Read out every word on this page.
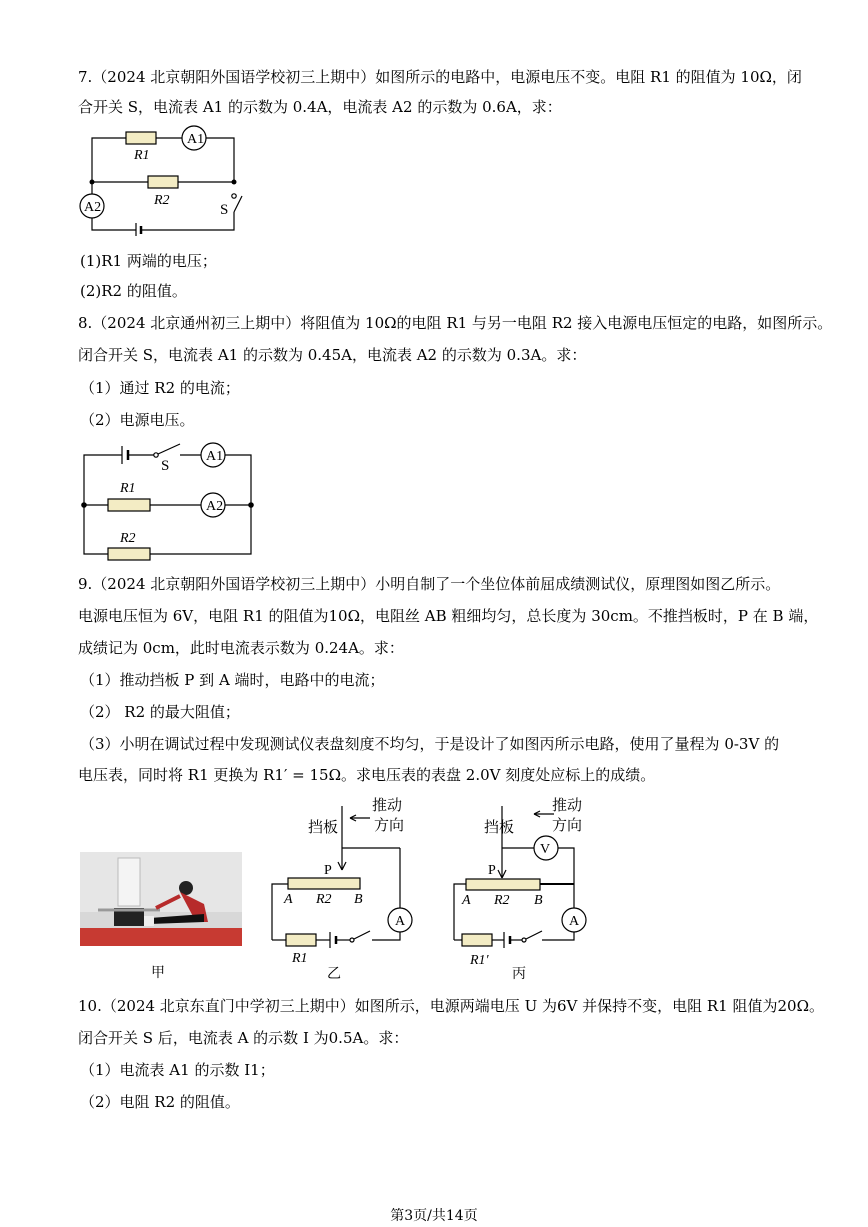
7.（2024 北京朝阳外国语学校初三上期中）如图所示的电路中，电源电压不变。电阻 R1 的阻值为 10Ω，闭
合开关 S，电流表 A1 的示数为 0.4A，电流表 A2 的示数为 0.6A，求：
A1
A2
R1
R2
S
(1)R1 两端的电压；
(2)R2 的阻值。
8.（2024 北京通州初三上期中）将阻值为 10Ω的电阻 R1 与另一电阻 R2 接入电源电压恒定的电路，如图所示。
闭合开关 S，电流表 A1 的示数为 0.45A，电流表 A2 的示数为 0.3A。求：
（1）通过 R2 的电流；
（2）电源电压。
S
A1
A2
R1
R2
9.（2024 北京朝阳外国语学校初三上期中）小明自制了一个坐位体前屈成绩测试仪，原理图如图乙所示。
电源电压恒为 6V，电阻 R1 的阻值为10Ω，电阻丝 AB 粗细均匀，总长度为 30cm。不推挡板时，P 在 B 端，
成绩记为 0cm，此时电流表示数为 0.24A。求：
（1）推动挡板 P 到 A 端时，电路中的电流；
（2） R2 的最大阻值；
（3）小明在调试过程中发现测试仪表盘刻度不均匀，于是设计了如图丙所示电路，使用了量程为 0-3V 的
电压表，同时将 R1 更换为 R1′ = 15Ω。求电压表的表盘 2.0V 刻度处应标上的成绩。
甲
推动
方向
挡板
P
A R2 B
A
R1
乙
推动
方向
挡板
V
P
A R2 B
A
R1′
丙
10.（2024 北京东直门中学初三上期中）如图所示，电源两端电压 U 为6V 并保持不变，电阻 R1 阻值为20Ω。
闭合开关 S 后，电流表 A 的示数 I 为0.5A。求：
（1）电流表 A1 的示数 I1；
（2）电阻 R2 的阻值。
第3页/共14页
